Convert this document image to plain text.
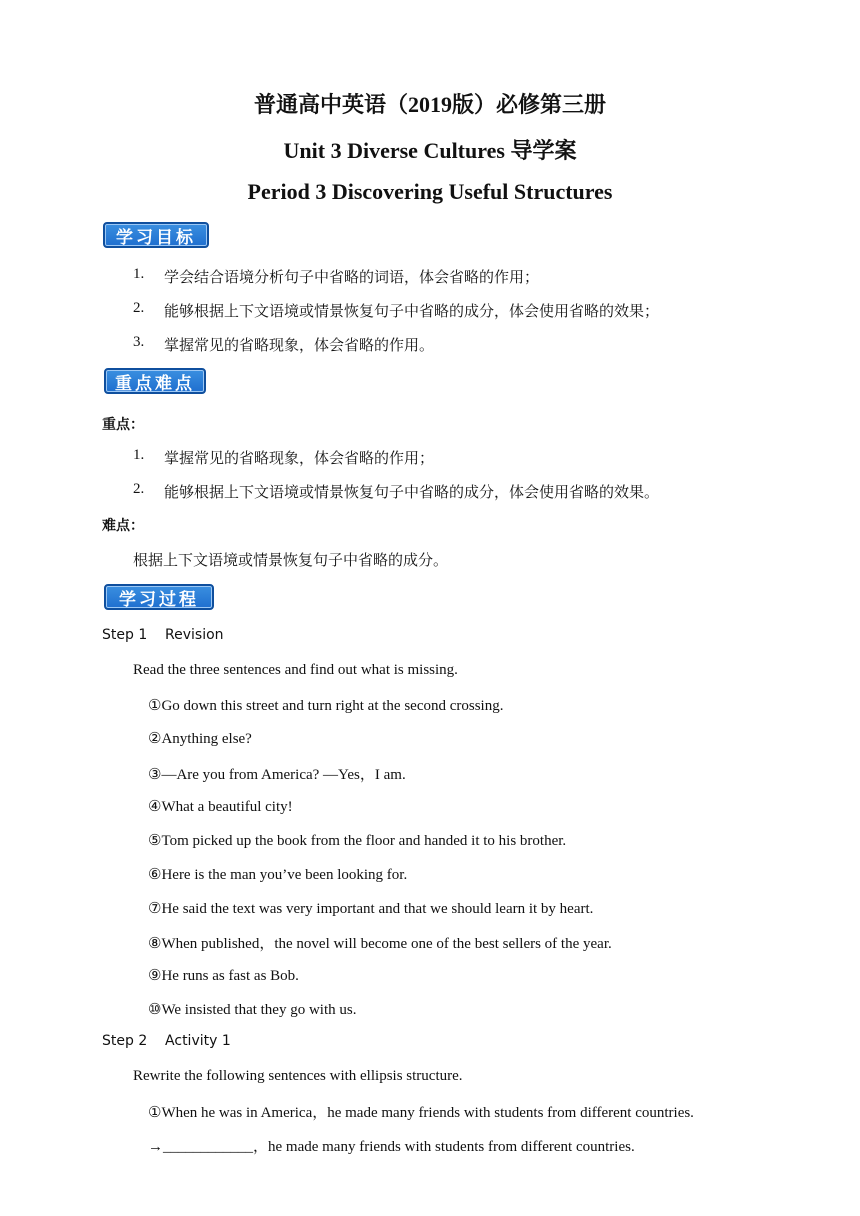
普通高中英语（2019版）必修第三册
Unit 3 Diverse Cultures 导学案
Period 3 Discovering Useful Structures
学习目标
1. 学会结合语境分析句子中省略的词语，体会省略的作用；
2. 能够根据上下文语境或情景恢复句子中省略的成分，体会使用省略的效果；
3. 掌握常见的省略现象，体会省略的作用。
重点难点
重点：
1. 掌握常见的省略现象，体会省略的作用；
2. 能够根据上下文语境或情景恢复句子中省略的成分，体会使用省略的效果。
难点：
根据上下文语境或情景恢复句子中省略的成分。
学习过程
Step 1    Revision
Read the three sentences and find out what is missing.
①Go down this street and turn right at the second crossing.
②Anything else?
③—Are you from America? —Yes，I am.
④What a beautiful city!
⑤Tom picked up the book from the floor and handed it to his brother.
⑥Here is the man you’ve been looking for.
⑦He said the text was very important and that we should learn it by heart.
⑧When published，the novel will become one of the best sellers of the year.
⑨He runs as fast as Bob.
⑩We insisted that they go with us.
Step 2    Activity 1
Rewrite the following sentences with ellipsis structure.
①When he was in America，he made many friends with students from different countries.
→____________，he made many friends with students from different countries.
